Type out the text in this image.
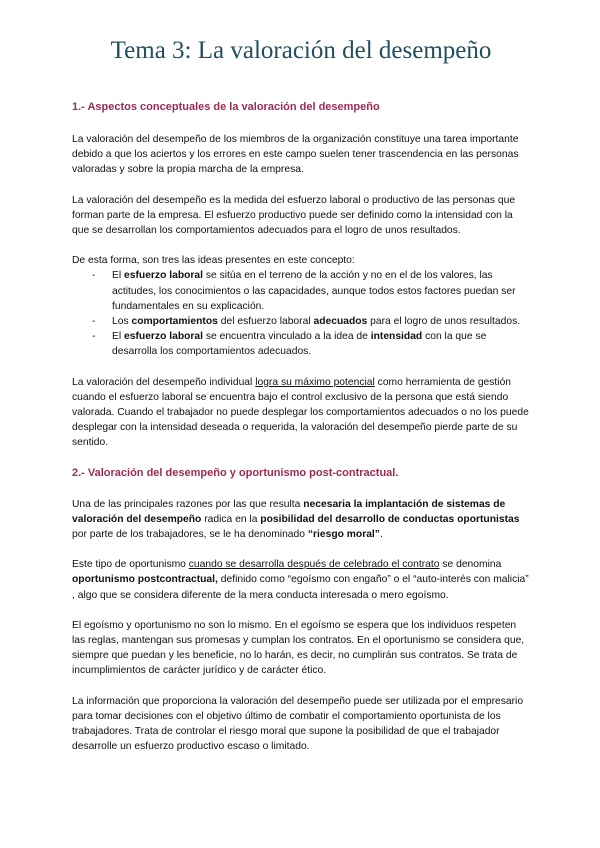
Tema 3: La valoración del desempeño
1.- Aspectos conceptuales de la valoración del desempeño

La valoración del desempeño de los miembros de la organización constituye una tarea importante debido a que los aciertos y los errores en este campo suelen tener trascendencia en las personas valoradas y sobre la propia marcha de la empresa.

La valoración del desempeño es la medida del esfuerzo laboral o productivo de las personas que forman parte de la empresa. El esfuerzo productivo puede ser definido como la intensidad con la que se desarrollan los comportamientos adecuados para el logro de unos resultados.

De esta forma, son tres las ideas presentes en este concepto:

- El esfuerzo laboral se sitúa en el terreno de la acción y no en el de los valores, las actitudes, los conocimientos o las capacidades, aunque todos estos factores puedan ser fundamentales en su explicación.
- Los comportamientos del esfuerzo laboral adecuados para el logro de unos resultados.
- El esfuerzo laboral se encuentra vinculado a la idea de intensidad con la que se desarrolla los comportamientos adecuados.

La valoración del desempeño individual logra su máximo potencial como herramienta de gestión cuando el esfuerzo laboral se encuentra bajo el control exclusivo de la persona que está siendo valorada. Cuando el trabajador no puede desplegar los comportamientos adecuados o no los puede desplegar con la intensidad deseada o requerida, la valoración del desempeño pierde parte de su sentido.

2.- Valoración del desempeño y oportunismo post-contractual.

Una de las principales razones por las que resulta necesaria la implantación de sistemas de valoración del desempeño radica en la posibilidad del desarrollo de conductas oportunistas por parte de los trabajadores, se le ha denominado “riesgo moral”.

Este tipo de oportunismo cuando se desarrolla después de celebrado el contrato se denomina oportunismo postcontractual, definido como “egoísmo con engaño” o el “auto-interés con malicia” , algo que se considera diferente de la mera conducta interesada o mero egoísmo.

El egoísmo y oportunismo no son lo mismo. En el egoísmo se espera que los individuos respeten las reglas, mantengan sus promesas y cumplan los contratos. En el oportunismo se considera que, siempre que puedan y les beneficie, no lo harán, es decir, no cumplirán sus contratos. Se trata de incumplimientos de carácter jurídico y de carácter ético.

La información que proporciona la valoración del desempeño puede ser utilizada por el empresario para tomar decisiones con el objetivo último de combatir el comportamiento oportunista de los trabajadores. Trata de controlar el riesgo moral que supone la posibilidad de que el trabajador desarrolle un esfuerzo productivo escaso o limitado.
